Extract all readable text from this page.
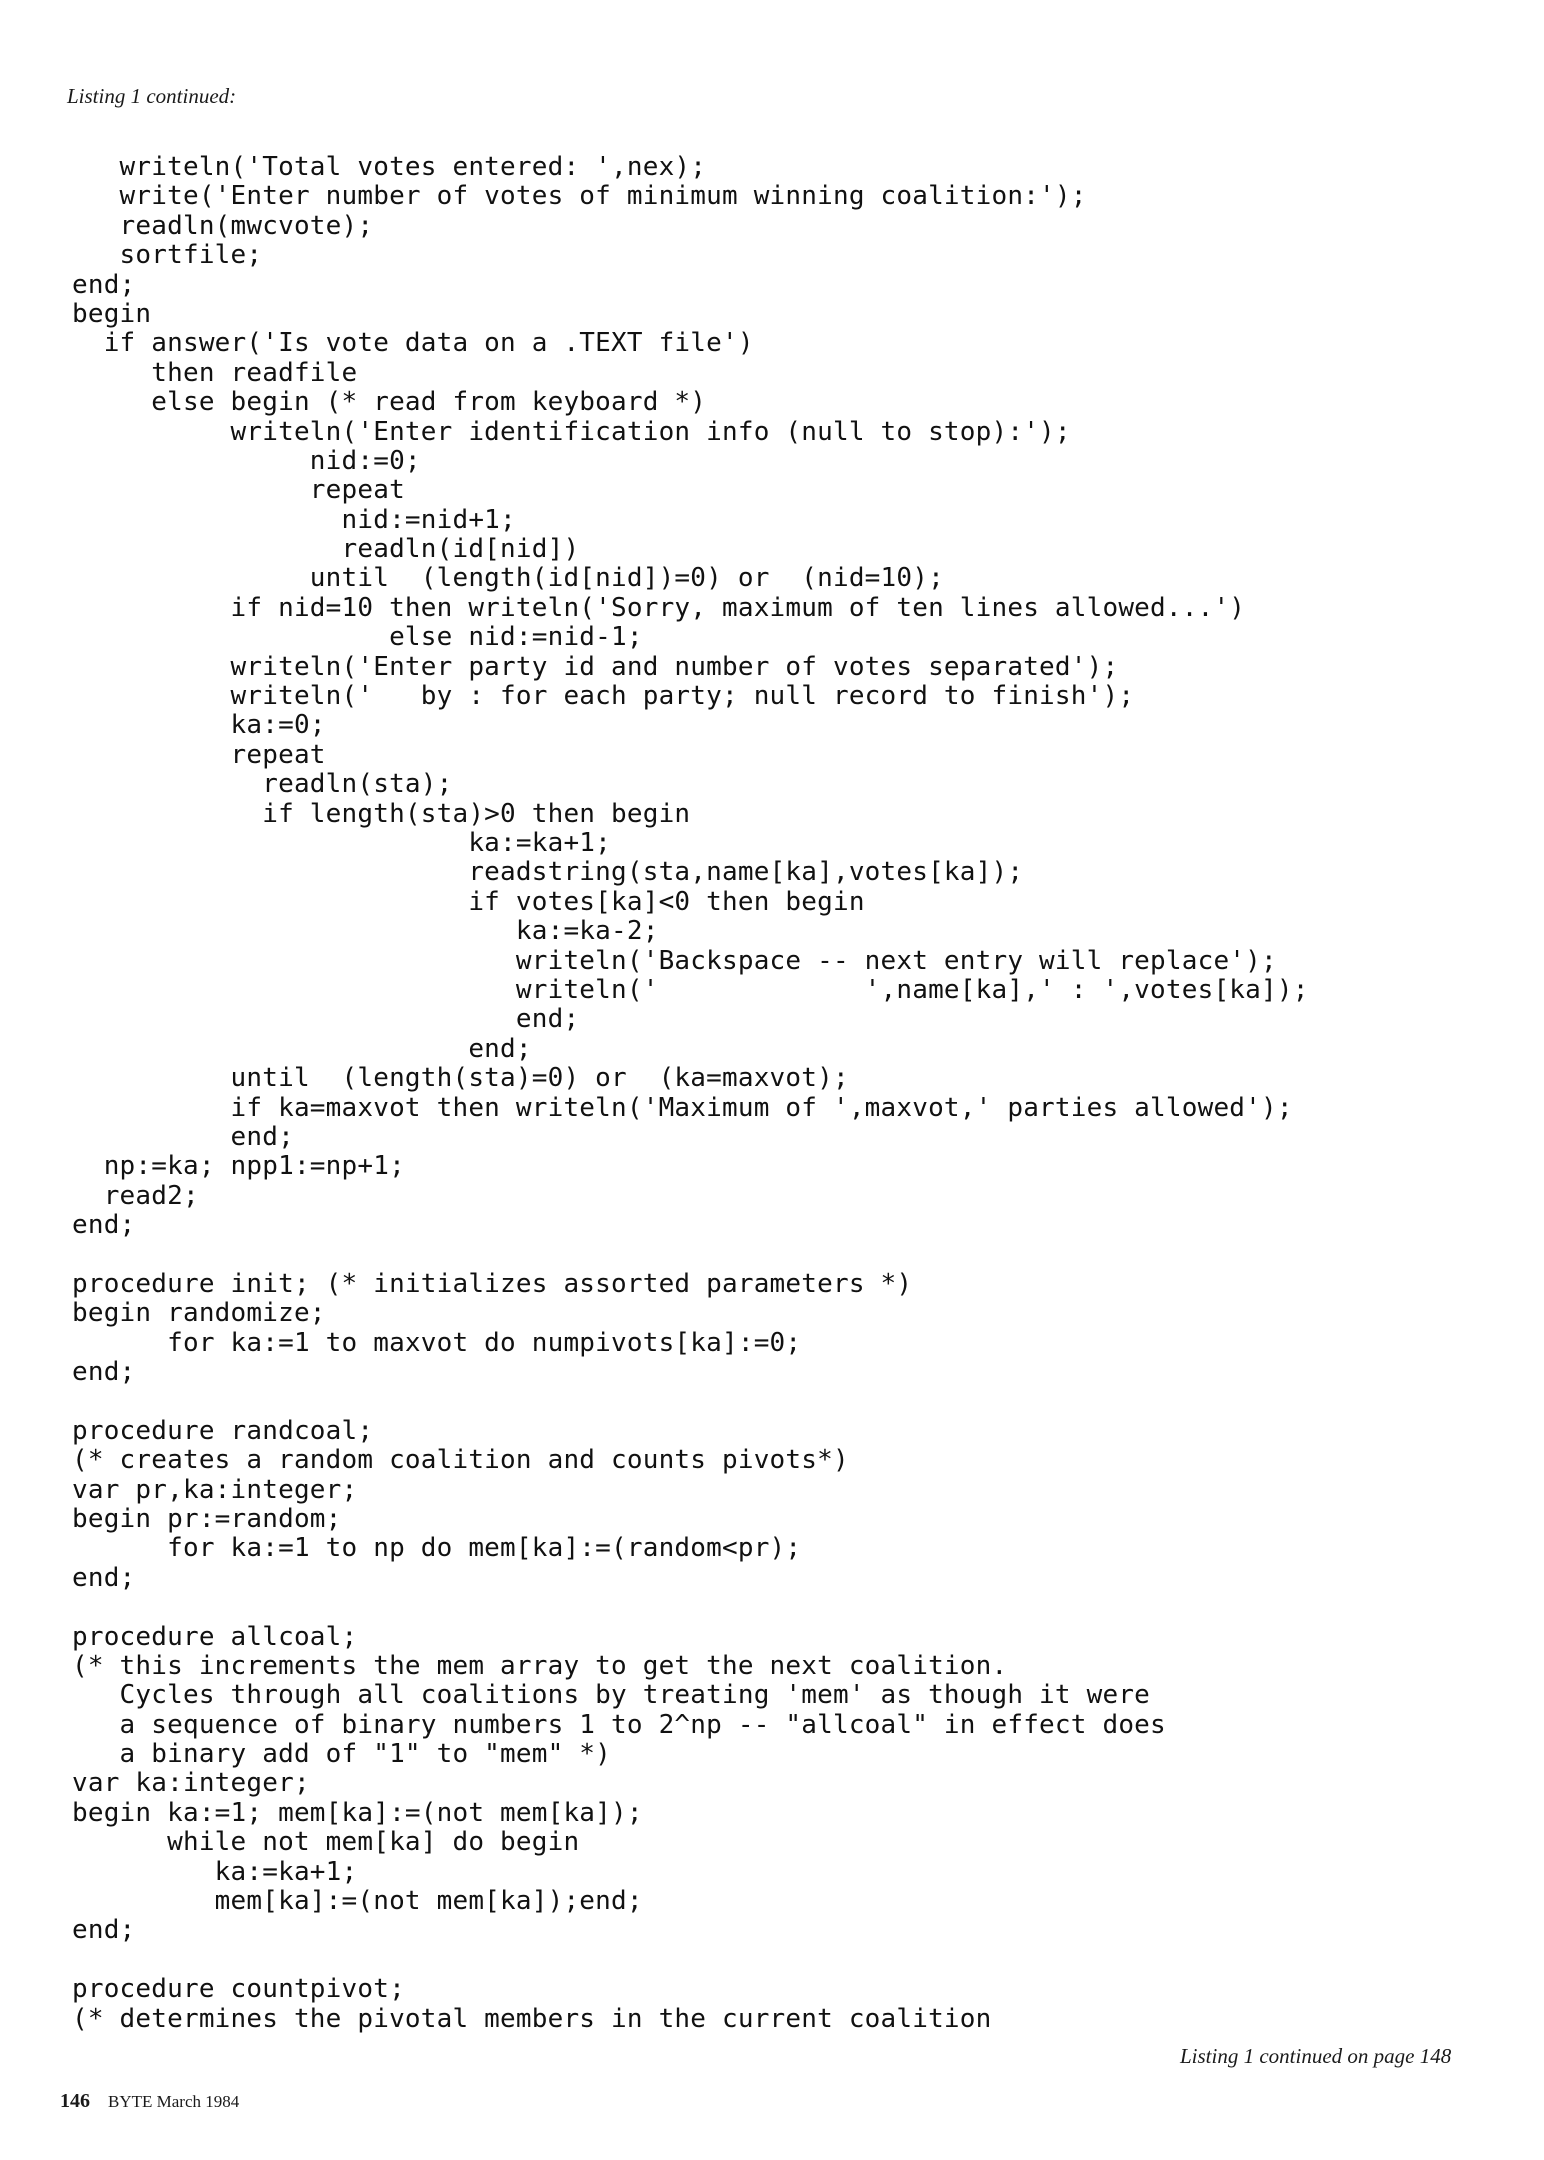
Listing 1 continued:
writeln('Total votes entered: ',nex);
write('Enter number of votes of minimum winning coalition:');
readln(mwcvote);
sortfile;
end;
begin
if answer('Is vote data on a .TEXT file')
then readfile
else begin (* read from keyboard *)
writeln('Enter identification info (null to stop):');
nid:=0;
repeat
nid:=nid+1;
readln(id[nid])
until  (length(id[nid])=0) or  (nid=10);
if nid=10 then writeln('Sorry, maximum of ten lines allowed...')
else nid:=nid-1;
writeln('Enter party id and number of votes separated');
writeln('   by : for each party; null record to finish');
ka:=0;
repeat
readln(sta);
if length(sta)>0 then begin
ka:=ka+1;
readstring(sta,name[ka],votes[ka]);
if votes[ka]<0 then begin
ka:=ka-2;
writeln('Backspace -- next entry will replace');
writeln('             ',name[ka],' : ',votes[ka]);
end;
end;
until  (length(sta)=0) or  (ka=maxvot);
if ka=maxvot then writeln('Maximum of ',maxvot,' parties allowed');
end;
np:=ka; npp1:=np+1;
read2;
end;
procedure init; (* initializes assorted parameters *)
begin randomize;
for ka:=1 to maxvot do numpivots[ka]:=0;
end;
procedure randcoal;
(* creates a random coalition and counts pivots*)
var pr,ka:integer;
begin pr:=random;
for ka:=1 to np do mem[ka]:=(random<pr);
end;
procedure allcoal;
(* this increments the mem array to get the next coalition.
Cycles through all coalitions by treating 'mem' as though it were
a sequence of binary numbers 1 to 2^np -- "allcoal" in effect does
a binary add of "1" to "mem" *)
var ka:integer;
begin ka:=1; mem[ka]:=(not mem[ka]);
while not mem[ka] do begin
ka:=ka+1;
mem[ka]:=(not mem[ka]);end;
end;
procedure countpivot;
(* determines the pivotal members in the current coalition
Listing 1 continued on page 148
146 BYTE March 1984
